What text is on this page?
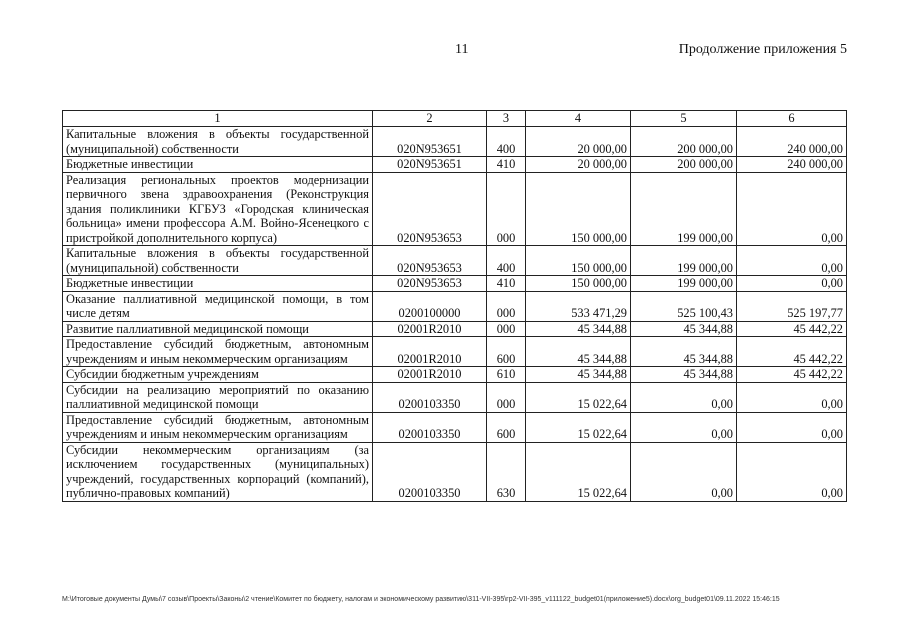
11	Продолжение приложения 5
1	2	3	4	5	6
Капитальные вложения в объекты государственной (муниципальной) собственности	020N953651	400	20 000,00	200 000,00	240 000,00
Бюджетные инвестиции	020N953651	410	20 000,00	200 000,00	240 000,00
Реализация региональных проектов модернизации первичного звена здравоохранения (Реконструкция здания поликлиники КГБУЗ «Городская клиническая больница» имени профессора А.М. Войно-Ясенецкого с пристройкой дополнительного корпуса)	020N953653	000	150 000,00	199 000,00	0,00
Капитальные вложения в объекты государственной (муниципальной) собственности	020N953653	400	150 000,00	199 000,00	0,00
Бюджетные инвестиции	020N953653	410	150 000,00	199 000,00	0,00
Оказание паллиативной медицинской помощи, в том числе детям	0200100000	000	533 471,29	525 100,43	525 197,77
Развитие паллиативной медицинской помощи	02001R2010	000	45 344,88	45 344,88	45 442,22
Предоставление субсидий бюджетным, автономным учреждениям и иным некоммерческим организациям	02001R2010	600	45 344,88	45 344,88	45 442,22
Субсидии бюджетным учреждениям	02001R2010	610	45 344,88	45 344,88	45 442,22
Субсидии на реализацию мероприятий по оказанию паллиативной медицинской помощи	0200103350	000	15 022,64	0,00	0,00
Предоставление субсидий бюджетным, автономным учреждениям и иным некоммерческим организациям	0200103350	600	15 022,64	0,00	0,00
Субсидии некоммерческим организациям (за исключением государственных (муниципальных) учреждений, государственных корпораций (компаний), публично-правовых компаний)	0200103350	630	15 022,64	0,00	0,00
M:\Итоговые документы Думы\7 созыв\Проекты\Законы\2 чтение\Комитет по бюджету, налогам и экономическому развитию\311-VII-395\гр2-VII-395_v111122_budget01(приложение5).docx\org_budget01\09.11.2022 15:46:15
